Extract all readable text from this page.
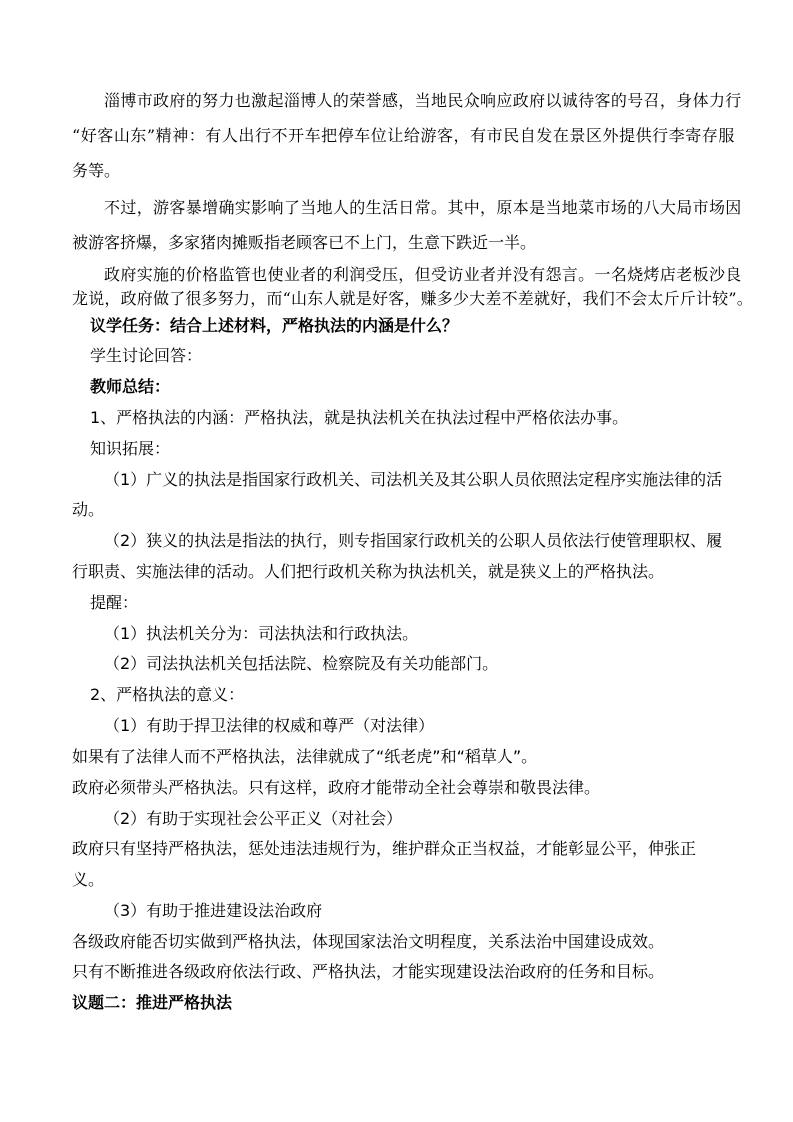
淄博市政府的努力也激起淄博人的荣誉感，当地民众响应政府以诚待客的号召，身体力行
“好客山东”精神：有人出行不开车把停车位让给游客，有市民自发在景区外提供行李寄存服
务等。
不过，游客暴增确实影响了当地人的生活日常。其中，原本是当地菜市场的八大局市场因
被游客挤爆，多家猪肉摊贩指老顾客已不上门，生意下跌近一半。
政府实施的价格监管也使业者的利润受压，但受访业者并没有怨言。一名烧烤店老板沙良
龙说，政府做了很多努力，而“山东人就是好客，赚多少大差不差就好，我们不会太斤斤计较”。
议学任务：结合上述材料，严格执法的内涵是什么？
学生讨论回答：
教师总结：
1、严格执法的内涵：严格执法，就是执法机关在执法过程中严格依法办事。
知识拓展：
（1）广义的执法是指国家行政机关、司法机关及其公职人员依照法定程序实施法律的活
动。
（2）狭义的执法是指法的执行，则专指国家行政机关的公职人员依法行使管理职权、履
行职责、实施法律的活动。人们把行政机关称为执法机关，就是狭义上的严格执法。
提醒：
（1）执法机关分为：司法执法和行政执法。
（2）司法执法机关包括法院、检察院及有关功能部门。
2、严格执法的意义：
（1）有助于捍卫法律的权威和尊严（对法律）
如果有了法律人而不严格执法，法律就成了“纸老虎”和“稻草人”。
政府必须带头严格执法。只有这样，政府才能带动全社会尊崇和敬畏法律。
（2）有助于实现社会公平正义（对社会）
政府只有坚持严格执法，惩处违法违规行为，维护群众正当权益，才能彰显公平，伸张正
义。
（3）有助于推进建设法治政府
各级政府能否切实做到严格执法，体现国家法治文明程度，关系法治中国建设成效。
只有不断推进各级政府依法行政、严格执法，才能实现建设法治政府的任务和目标。
议题二：推进严格执法
